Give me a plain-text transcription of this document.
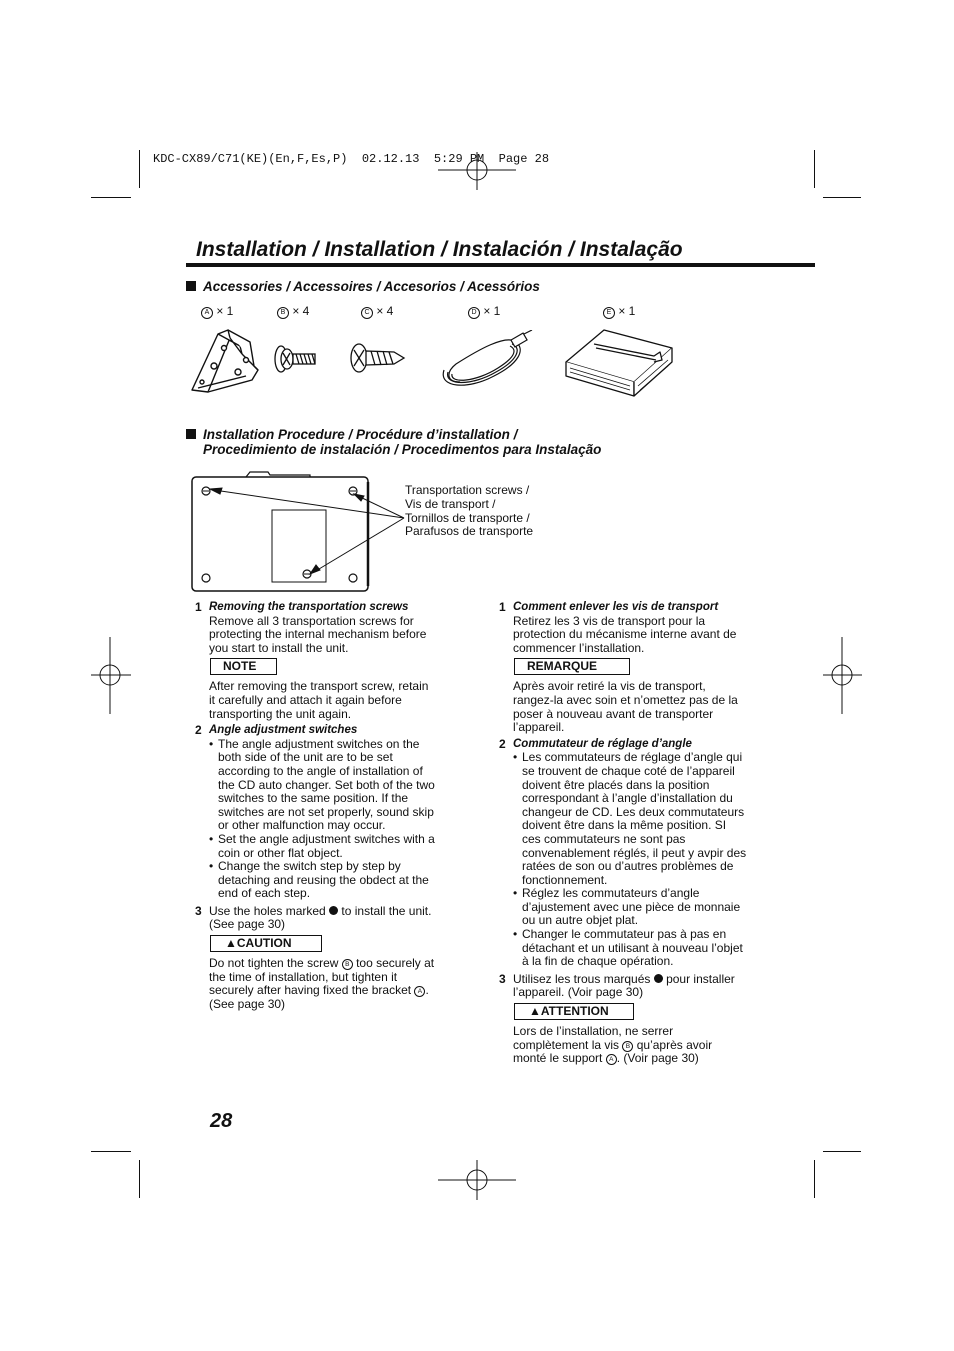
KDC-CX89/C71(KE)(En,F,Es,P)  02.12.13  5:29 PM  Page 28
Installation / Installation / Instalación / Instalação
Accessories / Accessoires / Accesorios / Acessórios
A × 1	B × 4	C × 4	D × 1	E × 1
Installation Procedure / Procédure d’installation /
Procedimiento de instalación / Procedimentos para Instalação
Transportation screws /
Vis de transport /
Tornillos de transporte /
Parafusos de transporte
1 Removing the transportation screws
Remove all 3 transportation screws for
protecting the internal mechanism before
you start to install the unit.
NOTE
After removing the transport screw, retain
it carefully and attach it again before
transporting the unit again.
2 Angle adjustment switches
• The angle adjustment switches on the
both side of the unit are to be set
according to the angle of installation of
the CD auto changer. Set both of the two
switches to the same position. If the
switches are not set properly, sound skip
or other malfunction may occur.
• Set the angle adjustment switches with a
coin or other flat object.
• Change the switch step by step by
detaching and reusing the obdect at the
end of each step.
3 Use the holes marked to install the unit.
(See page 30)
▲CAUTION
Do not tighten the screw B too securely at
the time of installation, but tighten it
securely after having fixed the bracket A .
(See page 30)
1 Comment enlever les vis de transport
Retirez les 3 vis de transport pour la
protection du mécanisme interne avant de
commencer l’installation.
REMARQUE
Après avoir retiré la vis de transport,
rangez-la avec soin et n’omettez pas de la
poser à nouveau avant de transporter
l’appareil.
2 Commutateur de réglage d’angle
• Les commutateurs de réglage d’angle qui
se trouvent de chaque coté de l’appareil
doivent être placés dans la position
correspondant à l’angle d’installation du
changeur de CD. Les deux commutateurs
doivent être dans la même position. SI
ces commutateurs ne sont pas
convenablement réglés, il peut y avpir des
ratées de son ou d’autres problèmes de
fonctionnement.
• Réglez les commutateurs d’angle
d’ajustement avec une pièce de monnaie
ou un autre objet plat.
• Changer le commutateur pas à pas en
détachant et un utilisant à nouveau l’objet
à la fin de chaque opération.
3 Utilisez les trous marqués pour installer
l’appareil. (Voir page 30)
▲ATTENTION
Lors de l’installation, ne serrer
complètement la vis B qu’après avoir
monté le support A . (Voir page 30)
28
